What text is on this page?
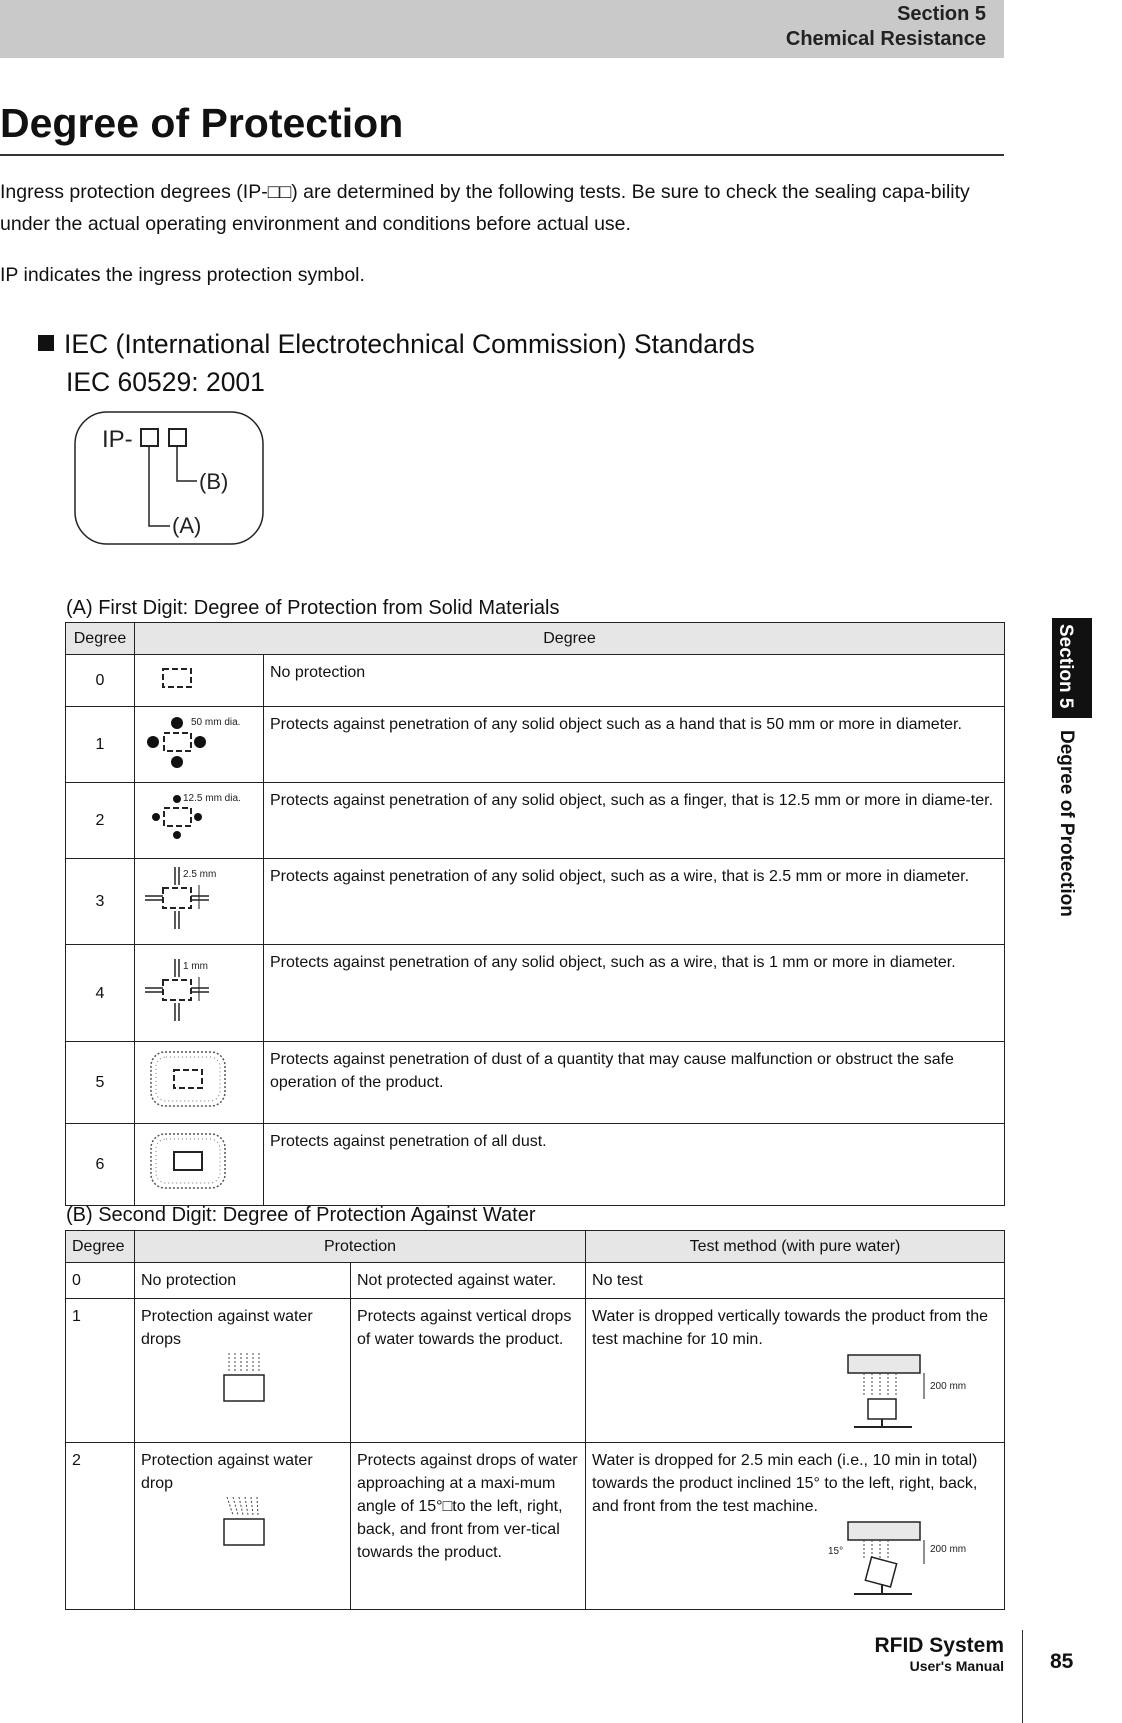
Section 5
Chemical Resistance
Degree of Protection

Ingress protection degrees (IP-□□) are determined by the following tests. Be sure to check the sealing capa-bility under the actual operating environment and conditions before actual use.

IP indicates the ingress protection symbol.

IEC (International Electrotechnical Commission) Standards
IEC 60529: 2001
IP-
(B)
(A)
(A) First Digit: Degree of Protection from Solid Materials
Degree	Degree	
0		No protection
1	50 mm dia.	Protects against penetration of any solid object such as a hand that is 50 mm or more in diameter.
2	12.5 mm dia.	Protects against penetration of any solid object, such as a finger, that is 12.5 mm or more in diame-ter.
3	2.5 mm	Protects against penetration of any solid object, such as a wire, that is 2.5 mm or more in diameter.
4	1 mm	Protects against penetration of any solid object, such as a wire, that is 1 mm or more in diameter.
5		Protects against penetration of dust of a quantity that may cause malfunction or obstruct the safe operation of the product.
6		Protects against penetration of all dust.
(B) Second Digit: Degree of Protection Against Water
Degree	Protection		Test method (with pure water)
0	No protection	Not protected against water.	No test
1	Protection against water drops	Protects against vertical drops of water towards the product.	Water is dropped vertically towards the product from the test machine for 10 min.
200 mm

2	Protection against water drop	Protects against drops of water approaching at a maxi-mum angle of 15°□to the left, right, back, and front from ver-tical towards the product.	Water is dropped for 2.5 min each (i.e., 10 min in total) towards the product inclined 15° to the left, right, back, and front from the test machine.
15° 200 mm
Section 5
Degree of Protection
RFID System
User's Manual 85
